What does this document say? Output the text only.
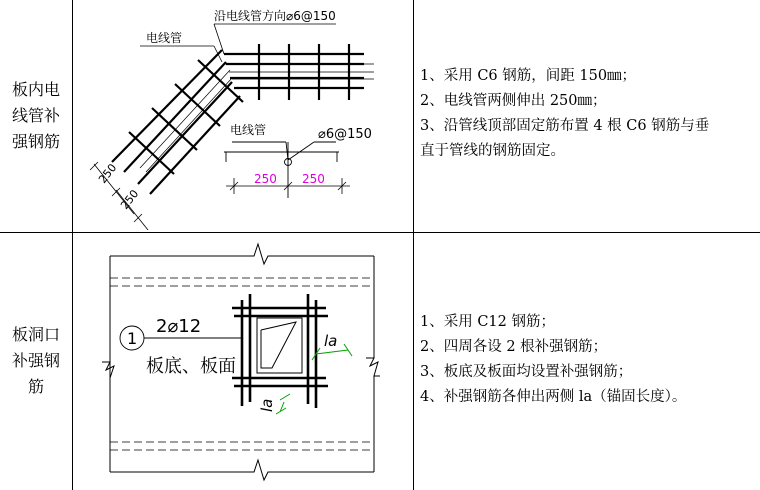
板内电
线管补
强钢筋
板洞口
补强钢
筋
1、采用 C6 钢筋，间距 150㎜；
2、电线管两侧伸出 250㎜；
3、沿管线顶部固定筋布置 4 根 C6 钢筋与垂
直于管线的钢筋固定。
1、采用 C12 钢筋；
2、四周各设 2 根补强钢筋；
3、板底及板面均设置补强钢筋；
4、补强钢筋各伸出两侧 la（锚固长度）。
沿电线管方向⌀6@150
电线管
电线管	⌀6@150
250 250
250
250
1
2⌀12
板底、板面
la
la
